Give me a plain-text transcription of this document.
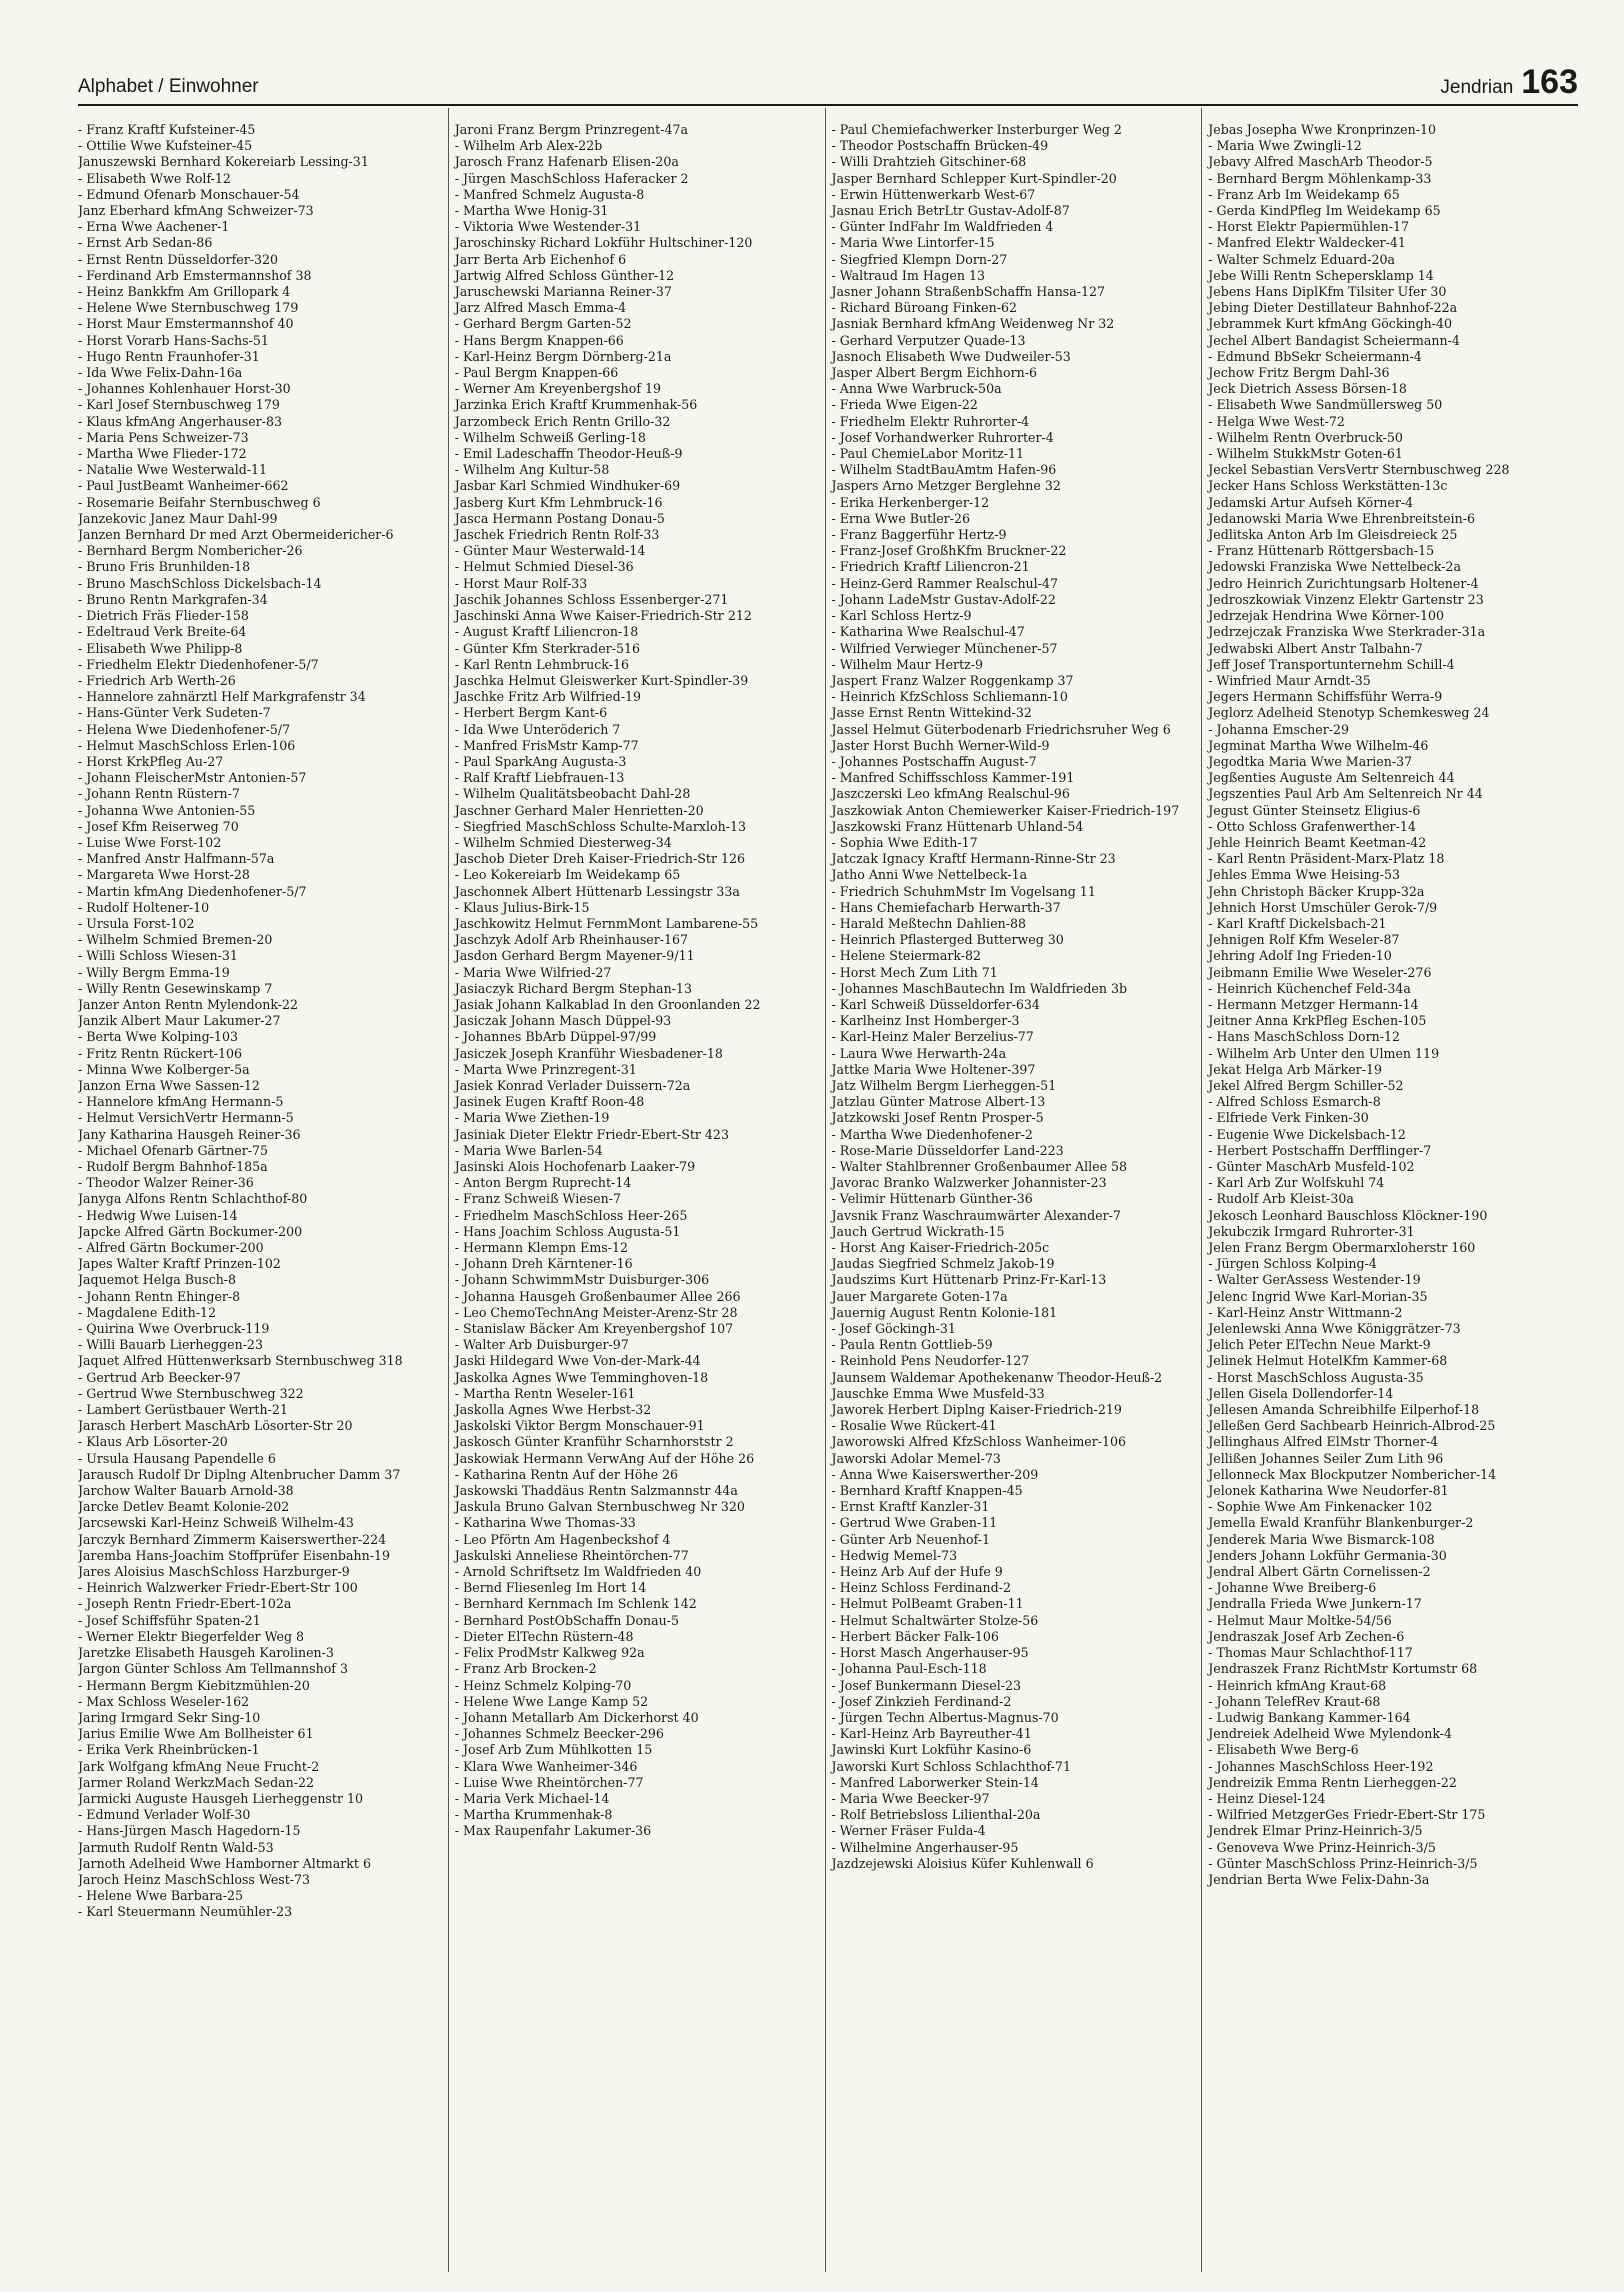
Alphabet / Einwohner	Jendrian 163
- Franz Kraftf Kufsteiner-45
- Ottilie Wwe Kufsteiner-45
Januszewski Bernhard Kokereiarb Lessing-31
- Elisabeth Wwe Rolf-12
- Edmund Ofenarb Monschauer-54
Janz Eberhard kfmAng Schweizer-73
- Erna Wwe Aachener-1
- Ernst Arb Sedan-86
- Ernst Rentn Düsseldorfer-320
- Ferdinand Arb Emstermannshof 38
- Heinz Bankkfm Am Grillopark 4
- Helene Wwe Sternbuschweg 179
- Horst Maur Emstermannshof 40
- Horst Vorarb Hans-Sachs-51
- Hugo Rentn Fraunhofer-31
- Ida Wwe Felix-Dahn-16a
- Johannes Kohlenhauer Horst-30
- Karl Josef Sternbuschweg 179
- Klaus kfmAng Angerhauser-83
- Maria Pens Schweizer-73
- Martha Wwe Flieder-172
- Natalie Wwe Westerwald-11
- Paul JustBeamt Wanheimer-662
- Rosemarie Beifahr Sternbuschweg 6
Janzekovic Janez Maur Dahl-99
Janzen Bernhard Dr med Arzt Obermeidericher-6
- Bernhard Bergm Nombericher-26
- Bruno Fris Brunhilden-18
- Bruno MaschSchloss Dickelsbach-14
- Bruno Rentn Markgrafen-34
- Dietrich Fräs Flieder-158
- Edeltraud Verk Breite-64
- Elisabeth Wwe Philipp-8
- Friedhelm Elektr Diedenhofener-5/7
- Friedrich Arb Werth-26
- Hannelore zahnärztl Helf Markgrafenstr 34
- Hans-Günter Verk Sudeten-7
- Helena Wwe Diedenhofener-5/7
- Helmut MaschSchloss Erlen-106
- Horst KrkPfleg Au-27
- Johann FleischerMstr Antonien-57
- Johann Rentn Rüstern-7
- Johanna Wwe Antonien-55
- Josef Kfm Reiserweg 70
- Luise Wwe Forst-102
- Manfred Anstr Halfmann-57a
- Margareta Wwe Horst-28
- Martin kfmAng Diedenhofener-5/7
- Rudolf Holtener-10
- Ursula Forst-102
- Wilhelm Schmied Bremen-20
- Willi Schloss Wiesen-31
- Willy Bergm Emma-19
- Willy Rentn Gesewinskamp 7
Janzer Anton Rentn Mylendonk-22
Janzik Albert Maur Lakumer-27
- Berta Wwe Kolping-103
- Fritz Rentn Rückert-106
- Minna Wwe Kolberger-5a
Janzon Erna Wwe Sassen-12
- Hannelore kfmAng Hermann-5
- Helmut VersichVertr Hermann-5
Jany Katharina Hausgeh Reiner-36
- Michael Ofenarb Gärtner-75
- Rudolf Bergm Bahnhof-185a
- Theodor Walzer Reiner-36
Janyga Alfons Rentn Schlachthof-80
- Hedwig Wwe Luisen-14
Japcke Alfred Gärtn Bockumer-200
- Alfred Gärtn Bockumer-200
Japes Walter Kraftf Prinzen-102
Jaquemot Helga Busch-8
- Johann Rentn Ehinger-8
- Magdalene Edith-12
- Quirina Wwe Overbruck-119
- Willi Bauarb Lierheggen-23
Jaquet Alfred Hüttenwerksarb Sternbuschweg 318
- Gertrud Arb Beecker-97
- Gertrud Wwe Sternbuschweg 322
- Lambert Gerüstbauer Werth-21
Jarasch Herbert MaschArb Lösorter-Str 20
- Klaus Arb Lösorter-20
- Ursula Hausang Papendelle 6
Jarausch Rudolf Dr Diplng Altenbrucher Damm 37
Jarchow Walter Bauarb Arnold-38
Jarcke Detlev Beamt Kolonie-202
Jarcsewski Karl-Heinz Schweiß Wilhelm-43
Jarczyk Bernhard Zimmerm Kaiserswerther-224
Jaremba Hans-Joachim Stoffprüfer Eisenbahn-19
Jares Aloisius MaschSchloss Harzburger-9
- Heinrich Walzwerker Friedr-Ebert-Str 100
- Joseph Rentn Friedr-Ebert-102a
- Josef Schiffsführ Spaten-21
- Werner Elektr Biegerfelder Weg 8
Jaretzke Elisabeth Hausgeh Karolinen-3
Jargon Günter Schloss Am Tellmannshof 3
- Hermann Bergm Kiebitzmühlen-20
- Max Schloss Weseler-162
Jaring Irmgard Sekr Sing-10
Jarius Emilie Wwe Am Bollheister 61
- Erika Verk Rheinbrücken-1
Jark Wolfgang kfmAng Neue Frucht-2
Jarmer Roland WerkzMach Sedan-22
Jarmicki Auguste Hausgeh Lierheggenstr 10
- Edmund Verlader Wolf-30
- Hans-Jürgen Masch Hagedorn-15
Jarmuth Rudolf Rentn Wald-53
Jarnoth Adelheid Wwe Hamborner Altmarkt 6
Jaroch Heinz MaschSchloss West-73
- Helene Wwe Barbara-25
- Karl Steuermann Neumühler-23
Jaroni Franz Bergm Prinzregent-47a
- Wilhelm Arb Alex-22b
Jarosch Franz Hafenarb Elisen-20a
- Jürgen MaschSchloss Haferacker 2
- Manfred Schmelz Augusta-8
- Martha Wwe Honig-31
- Viktoria Wwe Westender-31
Jaroschinsky Richard Lokführ Hultschiner-120
Jarr Berta Arb Eichenhof 6
Jartwig Alfred Schloss Günther-12
Jaruschewski Marianna Reiner-37
Jarz Alfred Masch Emma-4
- Gerhard Bergm Garten-52
- Hans Bergm Knappen-66
- Karl-Heinz Bergm Dörnberg-21a
- Paul Bergm Knappen-66
- Werner Am Kreyenbergshof 19
Jarzinka Erich Kraftf Krummenhak-56
Jarzombeck Erich Rentn Grillo-32
- Wilhelm Schweiß Gerling-18
- Emil Ladeschaffn Theodor-Heuß-9
- Wilhelm Ang Kultur-58
Jasbar Karl Schmied Windhuker-69
Jasberg Kurt Kfm Lehmbruck-16
Jasca Hermann Postang Donau-5
Jaschek Friedrich Rentn Rolf-33
- Günter Maur Westerwald-14
- Helmut Schmied Diesel-36
- Horst Maur Rolf-33
Jaschik Johannes Schloss Essenberger-271
Jaschinski Anna Wwe Kaiser-Friedrich-Str 212
- August Kraftf Liliencron-18
- Günter Kfm Sterkrader-516
- Karl Rentn Lehmbruck-16
Jaschka Helmut Gleiswerker Kurt-Spindler-39
Jaschke Fritz Arb Wilfried-19
- Herbert Bergm Kant-6
- Ida Wwe Unteröderich 7
- Manfred FrisMstr Kamp-77
- Paul SparkAng Augusta-3
- Ralf Kraftf Liebfrauen-13
- Wilhelm Qualitätsbeobacht Dahl-28
Jaschner Gerhard Maler Henrietten-20
- Siegfried MaschSchloss Schulte-Marxloh-13
- Wilhelm Schmied Diesterweg-34
Jaschob Dieter Dreh Kaiser-Friedrich-Str 126
- Leo Kokereiarb Im Weidekamp 65
Jaschonnek Albert Hüttenarb Lessingstr 33a
- Klaus Julius-Birk-15
Jaschkowitz Helmut FernmMont Lambarene-55
Jaschzyk Adolf Arb Rheinhauser-167
Jasdon Gerhard Bergm Mayener-9/11
- Maria Wwe Wilfried-27
Jasiaczyk Richard Bergm Stephan-13
Jasiak Johann Kalkablad In den Groonlanden 22
Jasiczak Johann Masch Düppel-93
- Johannes BbArb Düppel-97/99
Jasiczek Joseph Kranführ Wiesbadener-18
- Marta Wwe Prinzregent-31
Jasiek Konrad Verlader Duissern-72a
Jasinek Eugen Kraftf Roon-48
- Maria Wwe Ziethen-19
Jasiniak Dieter Elektr Friedr-Ebert-Str 423
- Maria Wwe Barlen-54
Jasinski Alois Hochofenarb Laaker-79
- Anton Bergm Ruprecht-14
- Franz Schweiß Wiesen-7
- Friedhelm MaschSchloss Heer-265
- Hans Joachim Schloss Augusta-51
- Hermann Klempn Ems-12
- Johann Dreh Kärntener-16
- Johann SchwimmMstr Duisburger-306
- Johanna Hausgeh Großenbaumer Allee 266
- Leo ChemoTechnAng Meister-Arenz-Str 28
- Stanislaw Bäcker Am Kreyenbergshof 107
- Walter Arb Duisburger-97
Jaski Hildegard Wwe Von-der-Mark-44
Jaskolka Agnes Wwe Temminghoven-18
- Martha Rentn Weseler-161
Jaskolla Agnes Wwe Herbst-32
Jaskolski Viktor Bergm Monschauer-91
Jaskosch Günter Kranführ Scharnhorststr 2
Jaskowiak Hermann VerwAng Auf der Höhe 26
- Katharina Rentn Auf der Höhe 26
Jaskowski Thaddäus Rentn Salzmannstr 44a
Jaskula Bruno Galvan Sternbuschweg Nr 320
- Katharina Wwe Thomas-33
- Leo Pförtn Am Hagenbeckshof 4
Jaskulski Anneliese Rheintörchen-77
- Arnold Schriftsetz Im Waldfrieden 40
- Bernd Fliesenleg Im Hort 14
- Bernhard Kernmach Im Schlenk 142
- Bernhard PostObSchaffn Donau-5
- Dieter ElTechn Rüstern-48
- Felix ProdMstr Kalkweg 92a
- Franz Arb Brocken-2
- Heinz Schmelz Kolping-70
- Helene Wwe Lange Kamp 52
- Johann Metallarb Am Dickerhorst 40
- Johannes Schmelz Beecker-296
- Josef Arb Zum Mühlkotten 15
- Klara Wwe Wanheimer-346
- Luise Wwe Rheintörchen-77
- Maria Verk Michael-14
- Martha Krummenhak-8
- Max Raupenfahr Lakumer-36
- Paul Chemiefachwerker Insterburger Weg 2
- Theodor Postschaffn Brücken-49
- Willi Drahtzieh Gitschiner-68
Jasper Bernhard Schlepper Kurt-Spindler-20
- Erwin Hüttenwerkarb West-67
Jasnau Erich BetrLtr Gustav-Adolf-87
- Günter IndFahr Im Waldfrieden 4
- Maria Wwe Lintorfer-15
- Siegfried Klempn Dorn-27
- Waltraud Im Hagen 13
Jasner Johann StraßenbSchaffn Hansa-127
- Richard Büroang Finken-62
Jasniak Bernhard kfmAng Weidenweg Nr 32
- Gerhard Verputzer Quade-13
Jasnoch Elisabeth Wwe Dudweiler-53
Jasper Albert Bergm Eichhorn-6
- Anna Wwe Warbruck-50a
- Frieda Wwe Eigen-22
- Friedhelm Elektr Ruhrorter-4
- Josef Vorhandwerker Ruhrorter-4
- Paul ChemieLabor Moritz-11
- Wilhelm StadtBauAmtm Hafen-96
Jaspers Arno Metzger Berglehne 32
- Erika Herkenberger-12
- Erna Wwe Butler-26
- Franz Baggerführ Hertz-9
- Franz-Josef GroßhKfm Bruckner-22
- Friedrich Kraftf Liliencron-21
- Heinz-Gerd Rammer Realschul-47
- Johann LadeMstr Gustav-Adolf-22
- Karl Schloss Hertz-9
- Katharina Wwe Realschul-47
- Wilfried Verwieger Münchener-57
- Wilhelm Maur Hertz-9
Jaspert Franz Walzer Roggenkamp 37
- Heinrich KfzSchloss Schliemann-10
Jasse Ernst Rentn Wittekind-32
Jassel Helmut Güterbodenarb Friedrichsruher Weg 6
Jaster Horst Buchh Werner-Wild-9
- Johannes Postschaffn August-7
- Manfred Schiffsschloss Kammer-191
Jaszczerski Leo kfmAng Realschul-96
Jaszkowiak Anton Chemiewerker Kaiser-Friedrich-197
Jaszkowski Franz Hüttenarb Uhland-54
- Sophia Wwe Edith-17
Jatczak Ignacy Kraftf Hermann-Rinne-Str 23
Jatho Anni Wwe Nettelbeck-1a
- Friedrich SchuhmMstr Im Vogelsang 11
- Hans Chemiefacharb Herwarth-37
- Harald Meßtechn Dahlien-88
- Heinrich Pflasterged Butterweg 30
- Helene Steiermark-82
- Horst Mech Zum Lith 71
- Johannes MaschBautechn Im Waldfrieden 3b
- Karl Schweiß Düsseldorfer-634
- Karlheinz Inst Homberger-3
- Karl-Heinz Maler Berzelius-77
- Laura Wwe Herwarth-24a
Jattke Maria Wwe Holtener-397
Jatz Wilhelm Bergm Lierheggen-51
Jatzlau Günter Matrose Albert-13
Jatzkowski Josef Rentn Prosper-5
- Martha Wwe Diedenhofener-2
- Rose-Marie Düsseldorfer Land-223
- Walter Stahlbrenner Großenbaumer Allee 58
Javorac Branko Walzwerker Johannister-23
- Velimir Hüttenarb Günther-36
Javsnik Franz Waschraumwärter Alexander-7
Jauch Gertrud Wickrath-15
- Horst Ang Kaiser-Friedrich-205c
Jaudas Siegfried Schmelz Jakob-19
Jaudszims Kurt Hüttenarb Prinz-Fr-Karl-13
Jauer Margarete Goten-17a
Jauernig August Rentn Kolonie-181
- Josef Göckingh-31
- Paula Rentn Gottlieb-59
- Reinhold Pens Neudorfer-127
Jaunsem Waldemar Apothekenanw Theodor-Heuß-2
Jauschke Emma Wwe Musfeld-33
Jaworek Herbert Diplng Kaiser-Friedrich-219
- Rosalie Wwe Rückert-41
Jaworowski Alfred KfzSchloss Wanheimer-106
Jaworski Adolar Memel-73
- Anna Wwe Kaiserswerther-209
- Bernhard Kraftf Knappen-45
- Ernst Kraftf Kanzler-31
- Gertrud Wwe Graben-11
- Günter Arb Neuenhof-1
- Hedwig Memel-73
- Heinz Arb Auf der Hufe 9
- Heinz Schloss Ferdinand-2
- Helmut PolBeamt Graben-11
- Helmut Schaltwärter Stolze-56
- Herbert Bäcker Falk-106
- Horst Masch Angerhauser-95
- Johanna Paul-Esch-118
- Josef Bunkermann Diesel-23
- Josef Zinkzieh Ferdinand-2
- Jürgen Techn Albertus-Magnus-70
- Karl-Heinz Arb Bayreuther-41
Jawinski Kurt Lokführ Kasino-6
Jaworski Kurt Schloss Schlachthof-71
- Manfred Laborwerker Stein-14
- Maria Wwe Beecker-97
- Rolf Betriebsloss Lilienthal-20a
- Werner Fräser Fulda-4
- Wilhelmine Angerhauser-95
Jazdzejewski Aloisius Küfer Kuhlenwall 6
Jebas Josepha Wwe Kronprinzen-10
- Maria Wwe Zwingli-12
Jebavy Alfred MaschArb Theodor-5
- Bernhard Bergm Möhlenkamp-33
- Franz Arb Im Weidekamp 65
- Gerda KindPfleg Im Weidekamp 65
- Horst Elektr Papiermühlen-17
- Manfred Elektr Waldecker-41
- Walter Schmelz Eduard-20a
Jebe Willi Rentn Schepersklamp 14
Jebens Hans DiplKfm Tilsiter Ufer 30
Jebing Dieter Destillateur Bahnhof-22a
Jebrammek Kurt kfmAng Göckingh-40
Jechel Albert Bandagist Scheiermann-4
- Edmund BbSekr Scheiermann-4
Jechow Fritz Bergm Dahl-36
Jeck Dietrich Assess Börsen-18
- Elisabeth Wwe Sandmüllersweg 50
- Helga Wwe West-72
- Wilhelm Rentn Overbruck-50
- Wilhelm StukkMstr Goten-61
Jeckel Sebastian VersVertr Sternbuschweg 228
Jecker Hans Schloss Werkstätten-13c
Jedamski Artur Aufseh Körner-4
Jedanowski Maria Wwe Ehrenbreitstein-6
Jedlitska Anton Arb Im Gleisdreieck 25
- Franz Hüttenarb Röttgersbach-15
Jedowski Franziska Wwe Nettelbeck-2a
Jedro Heinrich Zurichtungsarb Holtener-4
Jedroszkowiak Vinzenz Elektr Gartenstr 23
Jedrzejak Hendrina Wwe Körner-100
Jedrzejczak Franziska Wwe Sterkrader-31a
Jedwabski Albert Anstr Talbahn-7
Jeff Josef Transportunternehm Schill-4
- Winfried Maur Arndt-35
Jegers Hermann Schiffsführ Werra-9
Jeglorz Adelheid Stenotyp Schemkesweg 24
- Johanna Emscher-29
Jegminat Martha Wwe Wilhelm-46
Jegodtka Maria Wwe Marien-37
Jegßenties Auguste Am Seltenreich 44
Jegszenties Paul Arb Am Seltenreich Nr 44
Jegust Günter Steinsetz Eligius-6
- Otto Schloss Grafenwerther-14
Jehle Heinrich Beamt Keetman-42
- Karl Rentn Präsident-Marx-Platz 18
Jehles Emma Wwe Heising-53
Jehn Christoph Bäcker Krupp-32a
Jehnich Horst Umschüler Gerok-7/9
- Karl Kraftf Dickelsbach-21
Jehnigen Rolf Kfm Weseler-87
Jehring Adolf Ing Frieden-10
Jeibmann Emilie Wwe Weseler-276
- Heinrich Küchenchef Feld-34a
- Hermann Metzger Hermann-14
Jeitner Anna KrkPfleg Eschen-105
- Hans MaschSchloss Dorn-12
- Wilhelm Arb Unter den Ulmen 119
Jekat Helga Arb Märker-19
Jekel Alfred Bergm Schiller-52
- Alfred Schloss Esmarch-8
- Elfriede Verk Finken-30
- Eugenie Wwe Dickelsbach-12
- Herbert Postschaffn Derfflinger-7
- Günter MaschArb Musfeld-102
- Karl Arb Zur Wolfskuhl 74
- Rudolf Arb Kleist-30a
Jekosch Leonhard Bauschloss Klöckner-190
Jekubczik Irmgard Ruhrorter-31
Jelen Franz Bergm Obermarxloherstr 160
- Jürgen Schloss Kolping-4
- Walter GerAssess Westender-19
Jelenc Ingrid Wwe Karl-Morian-35
- Karl-Heinz Anstr Wittmann-2
Jelenlewski Anna Wwe Königgrätzer-73
Jelich Peter ElTechn Neue Markt-9
Jelinek Helmut HotelKfm Kammer-68
- Horst MaschSchloss Augusta-35
Jellen Gisela Dollendorfer-14
Jellesen Amanda Schreibhilfe Eilperhof-18
Jelleßen Gerd Sachbearb Heinrich-Albrod-25
Jellinghaus Alfred ElMstr Thorner-4
Jellißen Johannes Seiler Zum Lith 96
Jellonneck Max Blockputzer Nombericher-14
Jelonek Katharina Wwe Neudorfer-81
- Sophie Wwe Am Finkenacker 102
Jemella Ewald Kranführ Blankenburger-2
Jenderek Maria Wwe Bismarck-108
Jenders Johann Lokführ Germania-30
Jendral Albert Gärtn Cornelissen-2
- Johanne Wwe Breiberg-6
Jendralla Frieda Wwe Junkern-17
- Helmut Maur Moltke-54/56
Jendraszak Josef Arb Zechen-6
- Thomas Maur Schlachthof-117
Jendraszek Franz RichtMstr Kortumstr 68
- Heinrich kfmAng Kraut-68
- Johann TelefRev Kraut-68
- Ludwig Bankang Kammer-164
Jendreiek Adelheid Wwe Mylendonk-4
- Elisabeth Wwe Berg-6
- Johannes MaschSchloss Heer-192
Jendreizik Emma Rentn Lierheggen-22
- Heinz Diesel-124
- Wilfried MetzgerGes Friedr-Ebert-Str 175
Jendrek Elmar Prinz-Heinrich-3/5
- Genoveva Wwe Prinz-Heinrich-3/5
- Günter MaschSchloss Prinz-Heinrich-3/5
Jendrian Berta Wwe Felix-Dahn-3a
